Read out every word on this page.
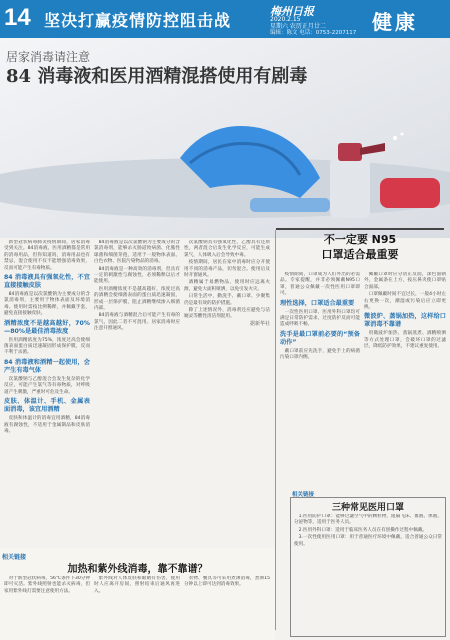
14 坚决打赢疫情防控阻击战	梅州日报
2020.2.15
星期六 农历正月廿二 健康
编辑：陈文 电话：0753-2207117
居家消毒请注意
84 消毒液和医用酒精混搭使用有剧毒

新型冠状病毒肺炎疫情期间，居家消毒受到关注。84消毒液、医用酒精都是常用的消毒用品，但你知道吗，消毒用品也有禁忌，混合使用不仅不能增强消毒效果，反而可能产生有毒物质。

84 消毒液具有强氧化性，不宜直接接触皮肤

84消毒液是以次氯酸钠为主要成分的含氯消毒剂，主要用于物体表面及环境消毒。使用时需按比例稀释，并佩戴手套，避免直接接触皮肤。

酒精浓度不是越高越好，70%—80%是最佳消毒浓度

医用酒精浓度为75%，浓度过高会使细菌表面蛋白质迅速凝固形成保护膜，反而不利于杀菌。

84 消毒液和酒精一起使用，会产生有毒气体

次氯酸钠与乙醇混合会发生复杂的化学反应，可能产生氯气等有毒物质，对呼吸道产生刺激，严重时可危及生命。

皮肤、体温计、手机、金属表面消毒，该宜用酒精

皮肤和体温计的消毒宜用酒精，84消毒液有腐蚀性，不适用于金属制品和皮肤消毒。

84消毒液是以次氯酸钠为主要成分的含氯消毒剂，能够杀灭肠道致病菌、化脓性球菌和细菌芽孢，适用于一般物体表面、白色衣物、医院污染物品的消毒。

84消毒液是一种高效的消毒剂，但具有一定的刺激性与腐蚀性，必须稀释以后才能使用。

医用酒精浓度不是越高越好，浓度过高的酒精会使细菌表面的蛋白质迅速凝固，形成一层保护膜，阻止酒精继续渗入细菌内部。

84消毒液与酒精混合后可能产生有毒的氯气，因此二者不可混用。居家消毒时应注意开窗通风。

次氯酸钠具有强氧化性，乙醇具有还原性，两者混合后发生化学反应，可能生成氯气，人体吸入后会导致中毒。

疫情期间，居民在家中消毒时应分开使用不同的消毒产品，切勿混合。使用后及时开窗通风。

酒精属于易燃物品，使用时应远离火源，避免大面积喷洒，以免引发火灾。

日常生活中，勤洗手、戴口罩、少聚集仍是最有效的防护措施。

除了上述情况外，消毒剂还应避免与洁厕灵等酸性清洁剂混用。

据新华社
不一定要 N95
口罩适合最重要

疫情期间，口罩成为人们外出的必需品。专家提醒，并非必须佩戴N95口罩，普通公众佩戴一次性医用口罩即可。

理性选择，口罩适合最重要

一次性医用口罩、医用外科口罩均可满足日常防护需求，过度防护反而可能造成呼吸不畅。

洗手是最口罩前必要的“预备动作”

戴口罩前应先洗手，避免手上的病菌污染口罩内侧。

佩戴口罩时应分清正反面，深色面朝外，金属条在上方，按压鼻夹使口罩贴合面部。

口罩佩戴时间不宜过长，一般4小时左右更换一次，潮湿或污染后应立即更换。

微波炉、蒸锅加热，这样给口罩消毒不靠谱

用微波炉加热、蒸锅蒸煮、酒精喷洒等方式处理口罩，会破坏口罩的过滤层，降低防护效果，不建议重复使用。

相关链接
三种常见医用口罩

1.医用防护口罩：能够过滤空气中的颗粒物，阻隔飞沫、血液、体液、分泌物等，适用于医务人员。

2.医用外科口罩：适用于临床医务人员在有创操作过程中佩戴。

3.一次性使用医用口罩：用于普通医疗环境中佩戴，适合普通公众日常使用。

相关链接
加热和紫外线消毒，靠不靠谱？

对于新型冠状病毒，56℃条件下30分钟即可灭活。紫外线照射也能杀灭病毒，但家用紫外线灯需要注意使用方法。

紫外线对人体皮肤和眼睛有伤害，使用时人应离开房间，照射结束后通风再进入。

衣物、餐具等可采用煮沸消毒，煮沸15分钟以上即可达到消毒效果。
